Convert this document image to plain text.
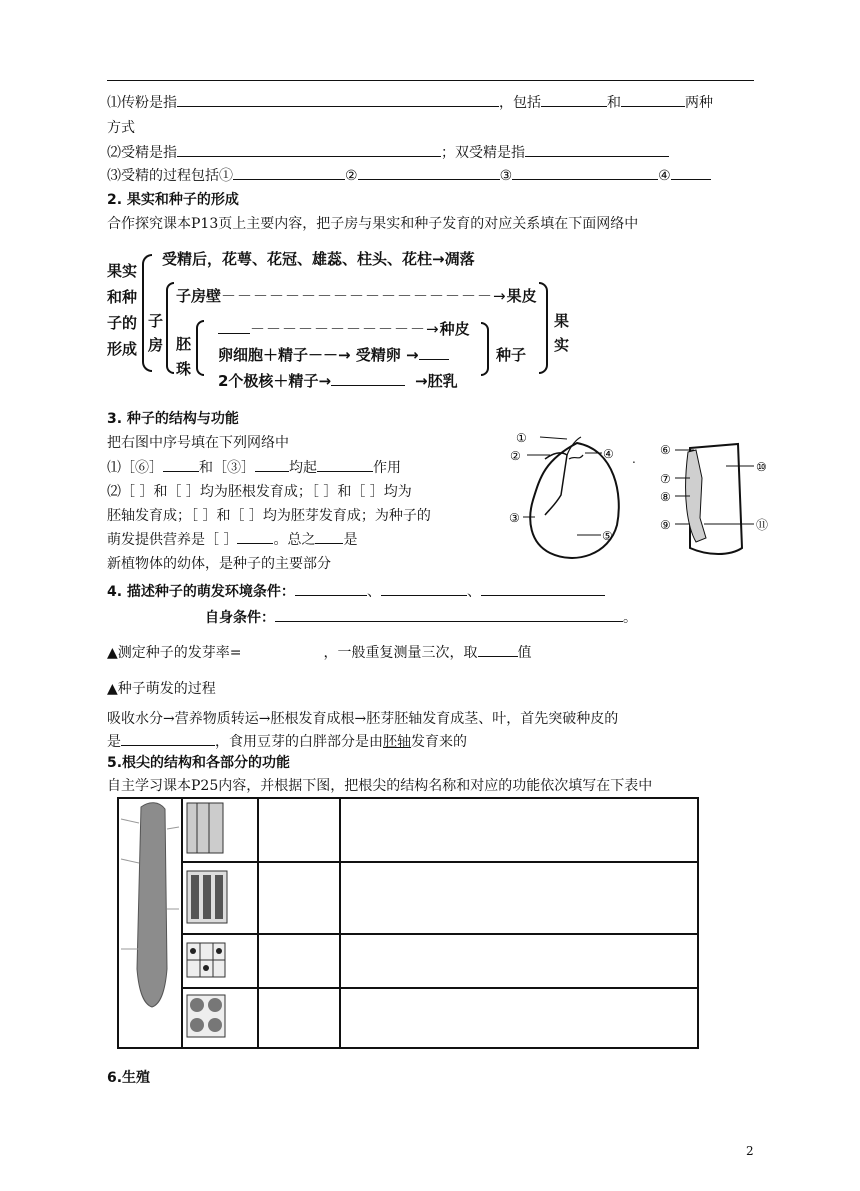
⑴传粉是指	，包括	和	两种
方式
⑵受精是指	；双受精是指
⑶受精的过程包括①	②	③	④
2. 果实和种子的形成
合作探究课本P13页上主要内容，把子房与果实和种子发育的对应关系填在下面网络中
果实
和种
子的
形成
子
房
受精后，花萼、花冠、雄蕊、柱头、花柱→凋落
子房壁－－－－－－－－－－－－－－－－－→果皮
胚
珠
－－－－－－－－－－－→种皮
卵细胞＋精子－－→ 受精卵 →	种子
2个极核＋精子→	→胚乳
果
实
3. 种子的结构与功能
把右图中序号填在下列网络中
⑴［⑥］	和［③］ 均起	作用
⑵［ ］和［ ］均为胚根发育成；［ ］和［ ］均为
胚轴发育成；［ ］和［ ］均为胚芽发育成；为种子的
萌发提供营养是［ ］	。总之 是
新植物体的幼体，是种子的主要部分
①
②	④
③
⑤
⑥
⑦
⑧
⑨
⑩
⑪
.
4. 描述种子的萌发环境条件：	、	、
自身条件：	。
▲测定种子的发芽率=	，一般重复测量三次，取	值
▲种子萌发的过程
吸收水分→营养物质转运→胚根发育成根→胚芽胚轴发育成茎、叶，首先突破种皮的
是	，食用豆芽的白胖部分是由胚轴发育来的
5.根尖的结构和各部分的功能
自主学习课本P25内容，并根据下图，把根尖的结构名称和对应的功能依次填写在下表中

6.生殖
2
